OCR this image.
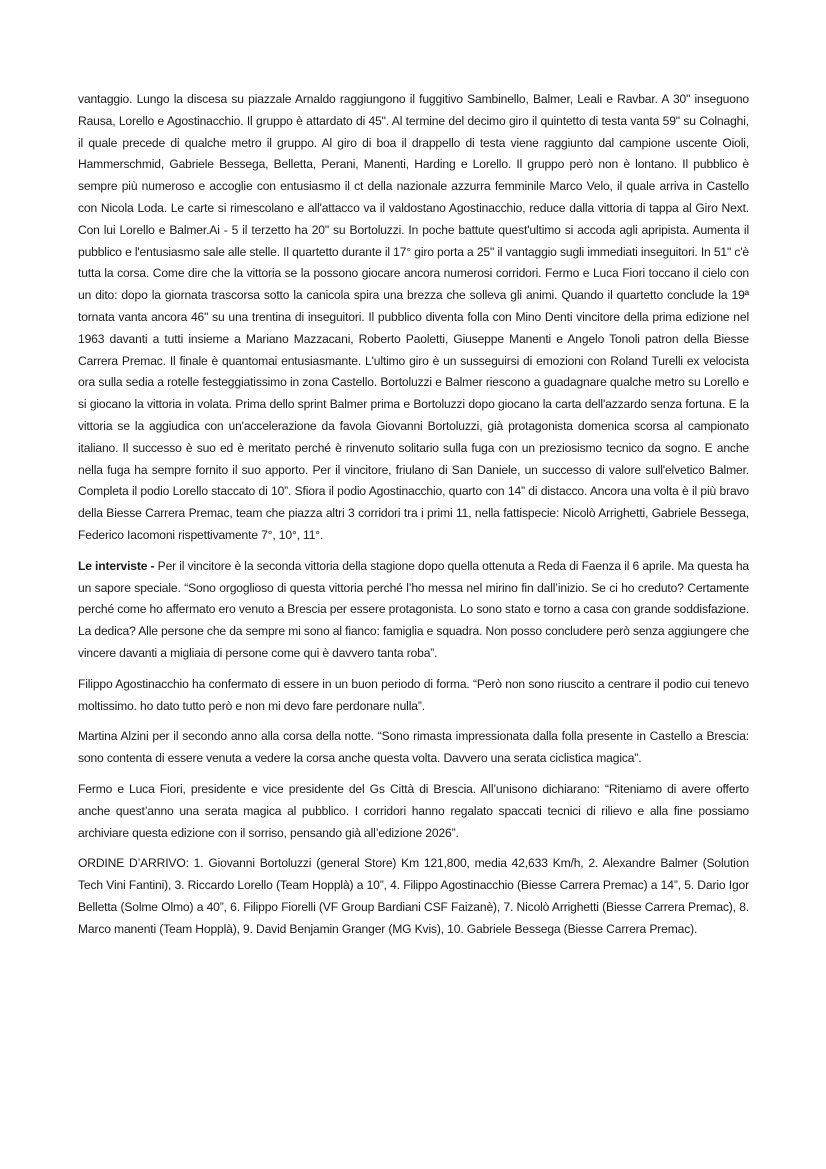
vantaggio. Lungo la discesa su piazzale Arnaldo raggiungono il fuggitivo Sambinello, Balmer, Leali e Ravbar. A 30" inseguono Rausa, Lorello e Agostinacchio. Il gruppo è attardato di 45". Al termine del decimo giro il quintetto di testa vanta 59" su Colnaghi, il quale precede di qualche metro il gruppo. Al giro di boa il drappello di testa viene raggiunto dal campione uscente Oioli, Hammerschmid, Gabriele Bessega, Belletta, Perani, Manenti, Harding e Lorello. Il gruppo però non è lontano. Il pubblico è sempre più numeroso e accoglie con entusiasmo il ct della nazionale azzurra femminile Marco Velo, il quale arriva in Castello con Nicola Loda. Le carte si rimescolano e all'attacco va il valdostano Agostinacchio, reduce dalla vittoria di tappa al Giro Next. Con lui Lorello e Balmer.Ai - 5 il terzetto ha 20" su Bortoluzzi. In poche battute quest'ultimo si accoda agli apripista. Aumenta il pubblico e l'entusiasmo sale alle stelle. Il quartetto durante il 17° giro porta a 25" il vantaggio sugli immediati inseguitori. In 51" c'è tutta la corsa. Come dire che la vittoria se la possono giocare ancora numerosi corridori. Fermo e Luca Fiori toccano il cielo con un dito: dopo la giornata trascorsa sotto la canicola spira una brezza che solleva gli animi. Quando il quartetto conclude la 19ª tornata vanta ancora 46" su una trentina di inseguitori. Il pubblico diventa folla con Mino Denti vincitore della prima edizione nel 1963 davanti a tutti insieme a Mariano Mazzacani, Roberto Paoletti, Giuseppe Manenti e Angelo Tonoli patron della Biesse Carrera Premac. Il finale è quantomai entusiasmante. L'ultimo giro è un susseguirsi di emozioni con Roland Turelli ex velocista ora sulla sedia a rotelle festeggiatissimo in zona Castello. Bortoluzzi e Balmer riescono a guadagnare qualche metro su Lorello e si giocano la vittoria in volata. Prima dello sprint Balmer prima e Bortoluzzi dopo giocano la carta dell'azzardo senza fortuna. E la vittoria se la aggiudica con un'accelerazione da favola Giovanni Bortoluzzi, già protagonista domenica scorsa al campionato italiano. Il successo è suo ed è meritato perché è rinvenuto solitario sulla fuga con un preziosismo tecnico da sogno. E anche nella fuga ha sempre fornito il suo apporto. Per il vincitore, friulano di San Daniele, un successo di valore sull'elvetico Balmer. Completa il podio Lorello staccato di 10”. Sfiora il podio Agostinacchio, quarto con 14” di distacco. Ancora una volta è il più bravo della Biesse Carrera Premac, team che piazza altri 3 corridori tra i primi 11, nella fattispecie: Nicolò Arrighetti, Gabriele Bessega, Federico Iacomoni rispettivamente 7°, 10°, 11°.

Le interviste - Per il vincitore è la seconda vittoria della stagione dopo quella ottenuta a Reda di Faenza il 6 aprile. Ma questa ha un sapore speciale. “Sono orgoglioso di questa vittoria perché l’ho messa nel mirino fin dall’inizio. Se ci ho creduto? Certamente perché come ho affermato ero venuto a Brescia per essere protagonista. Lo sono stato e torno a casa con grande soddisfazione. La dedica? Alle persone che da sempre mi sono al fianco: famiglia e squadra. Non posso concludere però senza aggiungere che vincere davanti a migliaia di persone come qui è davvero tanta roba”.

Filippo Agostinacchio ha confermato di essere in un buon periodo di forma. “Però non sono riuscito a centrare il podio cui tenevo moltissimo. ho dato tutto però e non mi devo fare perdonare nulla”.

Martina Alzini per il secondo anno alla corsa della notte. “Sono rimasta impressionata dalla folla presente in Castello a Brescia: sono contenta di essere venuta a vedere la corsa anche questa volta. Davvero una serata ciclistica magica”.

Fermo e Luca Fiori, presidente e vice presidente del Gs Città di Brescia. All’unisono dichiarano: “Riteniamo di avere offerto anche quest’anno una serata magica al pubblico. I corridori hanno regalato spaccati tecnici di rilievo e alla fine possiamo archiviare questa edizione con il sorriso, pensando già all’edizione 2026”.

ORDINE D’ARRIVO: 1. Giovanni Bortoluzzi (general Store) Km 121,800, media 42,633 Km/h, 2. Alexandre Balmer (Solution Tech Vini Fantini), 3. Riccardo Lorello (Team Hopplà) a 10”, 4. Filippo Agostinacchio (Biesse Carrera Premac) a 14”, 5. Dario Igor Belletta (Solme Olmo) a 40”, 6. Filippo Fiorelli (VF Group Bardiani CSF Faizanè), 7. Nicolò Arrighetti (Biesse Carrera Premac), 8. Marco manenti (Team Hopplà), 9. David Benjamin Granger (MG Kvis), 10. Gabriele Bessega (Biesse Carrera Premac).
